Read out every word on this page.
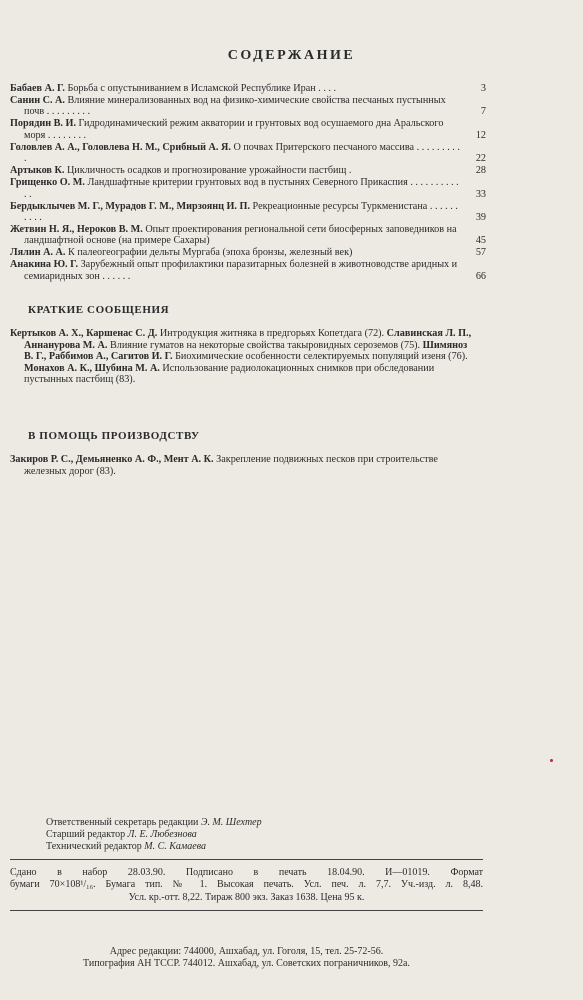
СОДЕРЖАНИЕ
Бабаев А. Г. Борьба с опустыниванием в Исламской Республике Иран . . . .	3
Санин С. А. Влияние минерализованных вод на физико-химические свойства песчаных пустынных почв . . . . . . . . .	7
Порядин В. И. Гидродинамический режим акватории и грунтовых вод осушаемого дна Аральского моря . . . . . . . .	12
Головлев А. А., Головлева Н. М., Срибный А. Я. О почвах Притерского песчаного массива . . . . . . . . . .	22
Артыков К. Цикличность осадков и прогнозирование урожайности пастбищ .	28
Грищенко О. М. Ландшафтные критерии грунтовых вод в пустынях Северного Прикаспия . . . . . . . . . . . .	33
Бердыклычев М. Г., Мурадов Г. М., Мирзоянц И. П. Рекреационные ресурсы Туркменистана . . . . . . . . . .	39
Жетвин Н. Я., Нероков В. М. Опыт проектирования региональной сети биосферных заповедников на ландшафтной основе (на примере Сахары)	45
Лялин А. А. К палеогеографии дельты Мургаба (эпоха бронзы, железный век)	57
Анакина Ю. Г. Зарубежный опыт профилактики паразитарных болезней в животноводстве аридных и семиаридных зон . . . . . .	66
КРАТКИЕ СООБЩЕНИЯ
Кертыков А. Х., Каршенас С. Д. Интродукция житняка в предгорьях Копетдага (72). Славинская Л. П., Аннанурова М. А. Влияние гуматов на некоторые свойства такыровидных сероземов (75). Шимяноз В. Г., Раббимов А., Сагитов И. Г. Биохимические особенности селектируемых популяций изеня (76). Монахов А. К., Шубина М. А. Использование радиолокационных снимков при обследовании пустынных пастбищ (83).
В ПОМОЩЬ ПРОИЗВОДСТВУ
Закиров Р. С., Демьяненко А. Ф., Мент А. К. Закрепление подвижных песков при строительстве железных дорог (83).
Ответственный секретарь редакции Э. М. Шехтер
Старший редактор Л. Е. Любезнова
Технический редактор М. С. Камаева
Сдано в набор 28.03.90. Подписано в печать 18.04.90. И—01019. Формат
бумаги 70×108¹/₁₆. Бумага тип. № 1. Высокая печать. Усл. печ. л. 7,7. Уч.-изд. л. 8,48.
Усл. кр.-отт. 8,22. Тираж 800 экз. Заказ 1638. Цена 95 к.
Адрес редакции: 744000, Ашхабад, ул. Гоголя, 15, тел. 25-72-56.
Типография АН ТССР. 744012. Ашхабад, ул. Советских пограничников, 92а.
